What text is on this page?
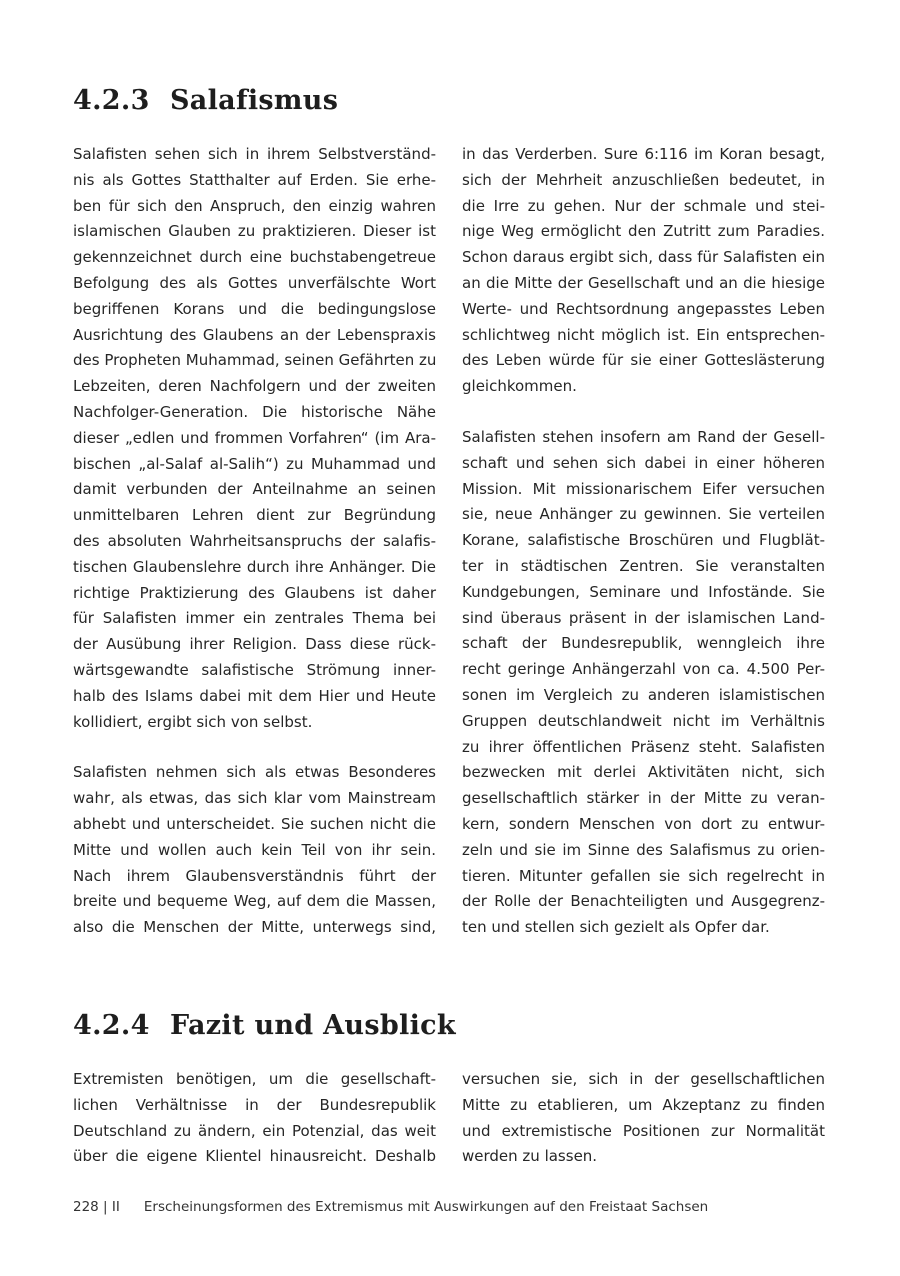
4.2.3 Salafismus
Salafisten sehen sich in ihrem Selbstverständ-
nis als Gottes Statthalter auf Erden. Sie erhe-
ben für sich den Anspruch, den einzig wahren
islamischen Glauben zu praktizieren. Dieser ist
gekennzeichnet durch eine buchstabengetreue
Befolgung des als Gottes unverfälschte Wort
begriffenen Korans und die bedingungslose
Ausrichtung des Glaubens an der Lebenspraxis
des Propheten Muhammad, seinen Gefährten zu
Lebzeiten, deren Nachfolgern und der zweiten
Nachfolger-Generation. Die historische Nähe
dieser „edlen und frommen Vorfahren“ (im Ara-
bischen „al-Salaf al-Salih“) zu Muhammad und
damit verbunden der Anteilnahme an seinen
unmittelbaren Lehren dient zur Begründung
des absoluten Wahrheitsanspruchs der salafis-
tischen Glaubenslehre durch ihre Anhänger. Die
richtige Praktizierung des Glaubens ist daher
für Salafisten immer ein zentrales Thema bei
der Ausübung ihrer Religion. Dass diese rück-
wärtsgewandte salafistische Strömung inner-
halb des Islams dabei mit dem Hier und Heute
kollidiert, ergibt sich von selbst.
Salafisten nehmen sich als etwas Besonderes
wahr, als etwas, das sich klar vom Mainstream
abhebt und unterscheidet. Sie suchen nicht die
Mitte und wollen auch kein Teil von ihr sein.
Nach ihrem Glaubensverständnis führt der
breite und bequeme Weg, auf dem die Massen,
also die Menschen der Mitte, unterwegs sind,
in das Verderben. Sure 6:116 im Koran besagt,
sich der Mehrheit anzuschließen bedeutet, in
die Irre zu gehen. Nur der schmale und stei-
nige Weg ermöglicht den Zutritt zum Paradies.
Schon daraus ergibt sich, dass für Salafisten ein
an die Mitte der Gesellschaft und an die hiesige
Werte- und Rechtsordnung angepasstes Leben
schlichtweg nicht möglich ist. Ein entsprechen-
des Leben würde für sie einer Gotteslästerung
gleichkommen.
Salafisten stehen insofern am Rand der Gesell-
schaft und sehen sich dabei in einer höheren
Mission. Mit missionarischem Eifer versuchen
sie, neue Anhänger zu gewinnen. Sie verteilen
Korane, salafistische Broschüren und Flugblät-
ter in städtischen Zentren. Sie veranstalten
Kundgebungen, Seminare und Infostände. Sie
sind überaus präsent in der islamischen Land-
schaft der Bundesrepublik, wenngleich ihre
recht geringe Anhängerzahl von ca. 4.500 Per-
sonen im Vergleich zu anderen islamistischen
Gruppen deutschlandweit nicht im Verhältnis
zu ihrer öffentlichen Präsenz steht. Salafisten
bezwecken mit derlei Aktivitäten nicht, sich
gesellschaftlich stärker in der Mitte zu veran-
kern, sondern Menschen von dort zu entwur-
zeln und sie im Sinne des Salafismus zu orien-
tieren. Mitunter gefallen sie sich regelrecht in
der Rolle der Benachteiligten und Ausgegrenz-
ten und stellen sich gezielt als Opfer dar.
4.2.4 Fazit und Ausblick
Extremisten benötigen, um die gesellschaft-
lichen Verhältnisse in der Bundesrepublik
Deutschland zu ändern, ein Potenzial, das weit
über die eigene Klientel hinausreicht. Deshalb
versuchen sie, sich in der gesellschaftlichen
Mitte zu etablieren, um Akzeptanz zu finden
und extremistische Positionen zur Normalität
werden zu lassen.
228 | II Erscheinungsformen des Extremismus mit Auswirkungen auf den Freistaat Sachsen
